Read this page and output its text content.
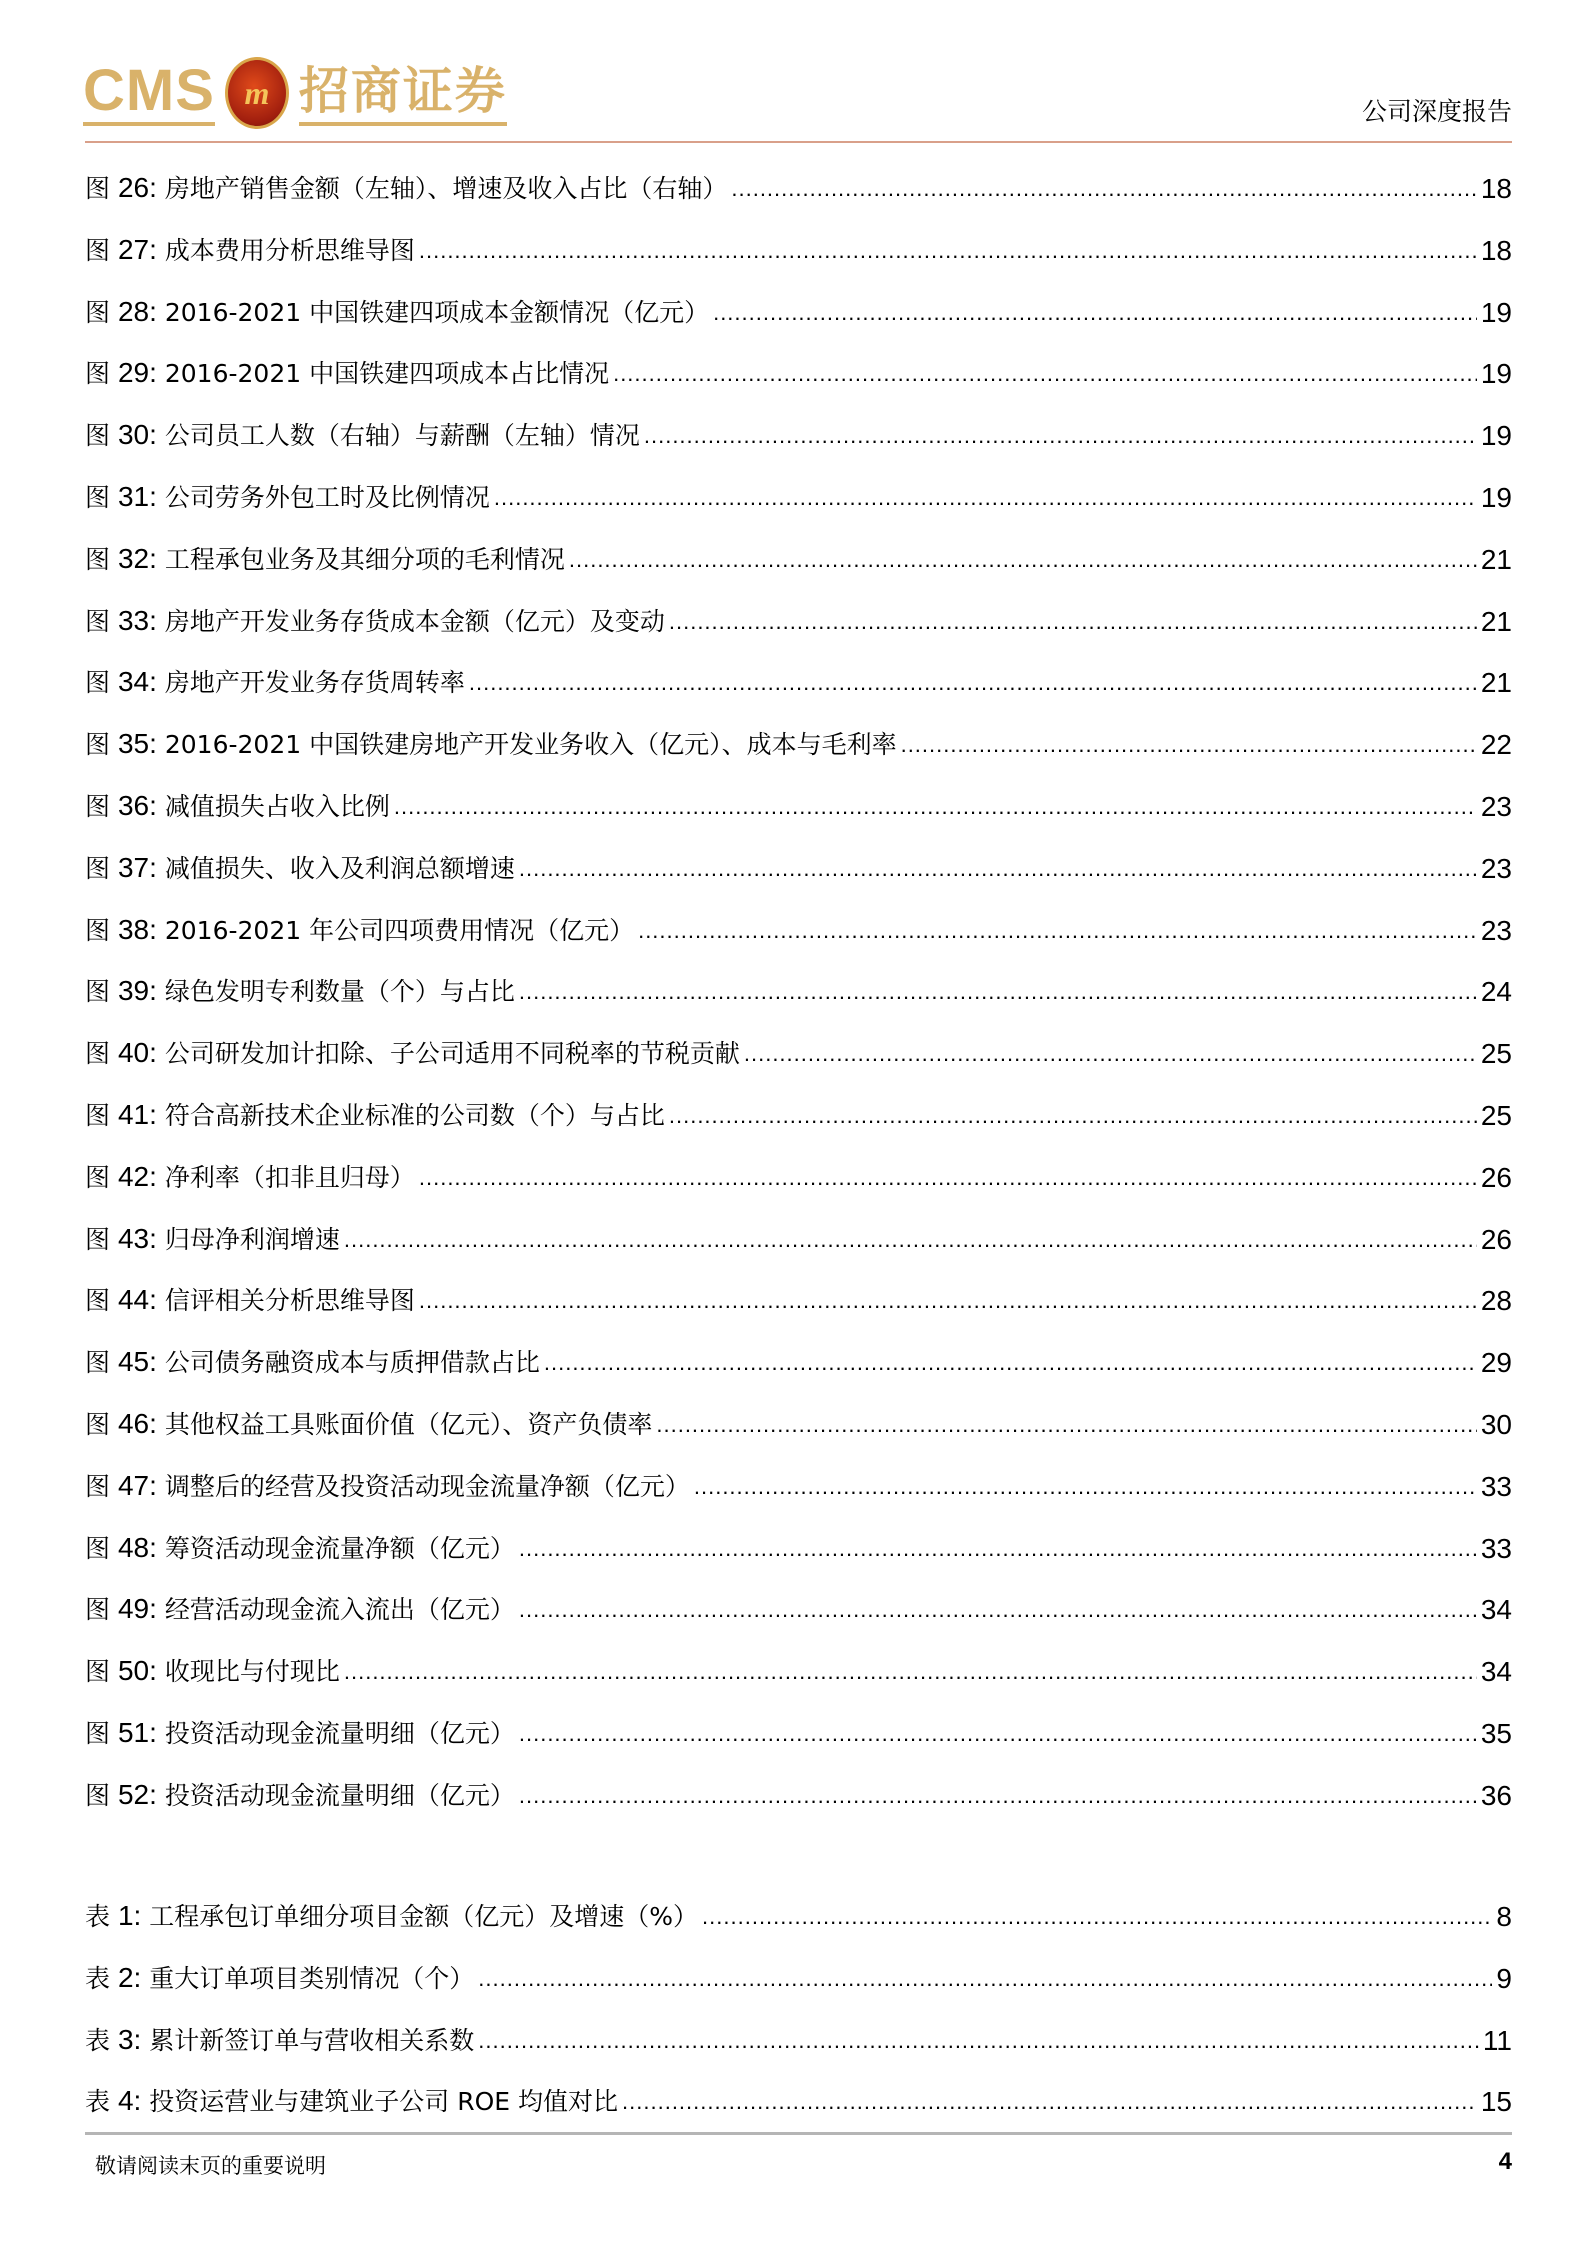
CMS m 招商证券	公司深度报告
图 26: 房地产销售金额（左轴）、增速及收入占比（右轴） .....	18
图 27: 成本费用分析思维导图 .....	18
图 28: 2016-2021 中国铁建四项成本金额情况（亿元） .....	19
图 29: 2016-2021 中国铁建四项成本占比情况 .....	19
图 30: 公司员工人数（右轴）与薪酬（左轴）情况 .....	19
图 31: 公司劳务外包工时及比例情况 .....	19
图 32: 工程承包业务及其细分项的毛利情况 .....	21
图 33: 房地产开发业务存货成本金额（亿元）及变动 .....	21
图 34: 房地产开发业务存货周转率 .....	21
图 35: 2016-2021 中国铁建房地产开发业务收入（亿元）、成本与毛利率 .....	22
图 36: 减值损失占收入比例 .....	23
图 37: 减值损失、收入及利润总额增速 .....	23
图 38: 2016-2021 年公司四项费用情况（亿元） .....	23
图 39: 绿色发明专利数量（个）与占比 .....	24
图 40: 公司研发加计扣除、子公司适用不同税率的节税贡献 .....	25
图 41: 符合高新技术企业标准的公司数（个）与占比 .....	25
图 42: 净利率（扣非且归母） .....	26
图 43: 归母净利润增速 .....	26
图 44: 信评相关分析思维导图 .....	28
图 45: 公司债务融资成本与质押借款占比 .....	29
图 46: 其他权益工具账面价值（亿元）、资产负债率 .....	30
图 47: 调整后的经营及投资活动现金流量净额（亿元） .....	33
图 48: 筹资活动现金流量净额（亿元） .....	33
图 49: 经营活动现金流入流出（亿元） .....	34
图 50: 收现比与付现比 .....	34
图 51: 投资活动现金流量明细（亿元） .....	35
图 52: 投资活动现金流量明细（亿元） .....	36
表 1: 工程承包订单细分项目金额（亿元）及增速（%） .....	8
表 2: 重大订单项目类别情况（个） .....	9
表 3: 累计新签订单与营收相关系数 .....	11
表 4: 投资运营业与建筑业子公司 ROE 均值对比 .....	15
敬请阅读末页的重要说明	4
